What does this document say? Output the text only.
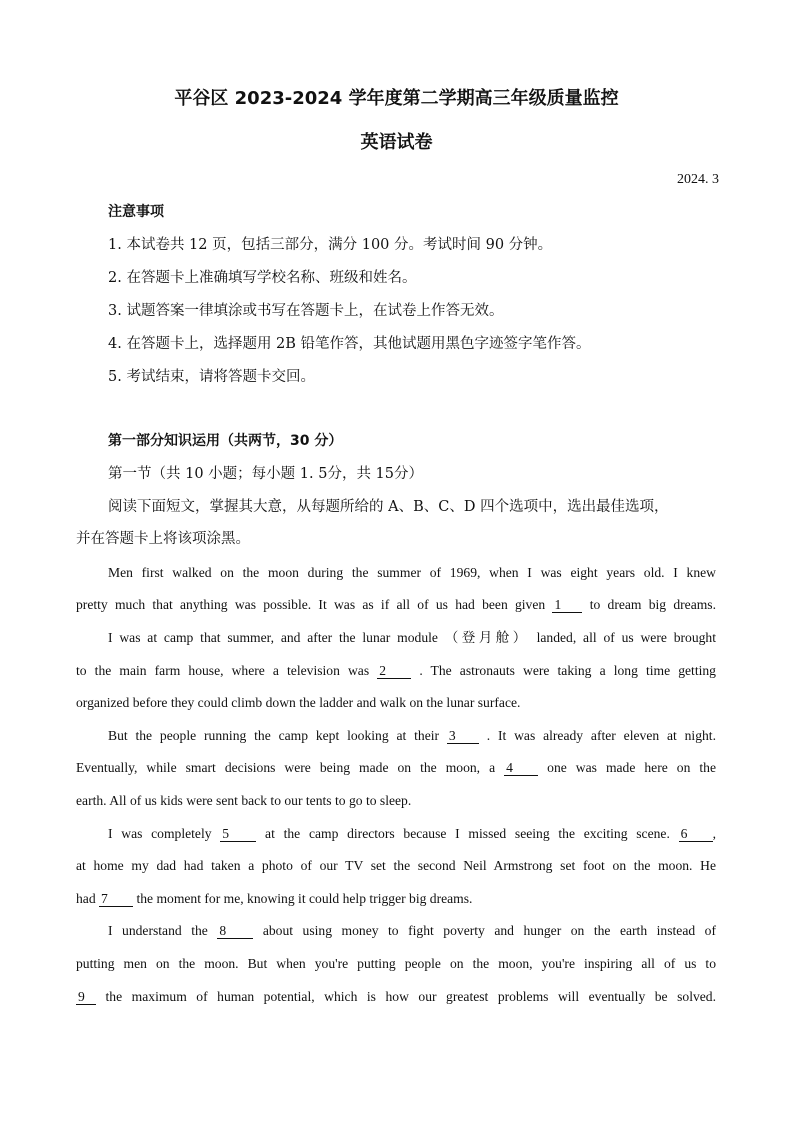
平谷区 2023-2024 学年度第二学期高三年级质量监控
英语试卷
2024. 3
注意事项
1. 本试卷共 12 页，包括三部分，满分 100 分。考试时间 90 分钟。
2. 在答题卡上准确填写学校名称、班级和姓名。
3. 试题答案一律填涂或书写在答题卡上，在试卷上作答无效。
4. 在答题卡上，选择题用 2B 铅笔作答，其他试题用黑色字迹签字笔作答。
5. 考试结束，请将答题卡交回。
第一部分知识运用（共两节，30 分）
第一节（共 10 小题；每小题 1. 5分，共 15分）
阅读下面短文，掌握其大意，从每题所给的 A、B、C、D 四个选项中，选出最佳选项，
并在答题卡上将该项涂黑。
Men first walked on the moon during the summer of 1969, when I was eight years old. I knew
pretty much that anything was possible. It was as if all of us had been given 1 to dream big dreams.
I was at camp that summer, and after the lunar module （登月舱） landed, all of us were brought
to the main farm house, where a television was 2 . The astronauts were taking a long time getting
organized before they could climb down the ladder and walk on the lunar surface.
But the people running the camp kept looking at their 3 . It was already after eleven at night.
Eventually, while smart decisions were being made on the moon, a 4	one was made here on the
earth. All of us kids were sent back to our tents to go to sleep.
I was completely 5	at the camp directors because I missed seeing the exciting scene. 6 ,
at home my dad had taken a photo of our TV set the second Neil Armstrong set foot on the moon. He
had 7 the moment for me, knowing it could help trigger big dreams.
I understand the 8	about using money to fight poverty and hunger on the earth instead of
putting men on the moon. But when you're putting people on the moon, you're inspiring all of us to
9 the maximum of human potential, which is how our greatest problems will eventually be solved.
